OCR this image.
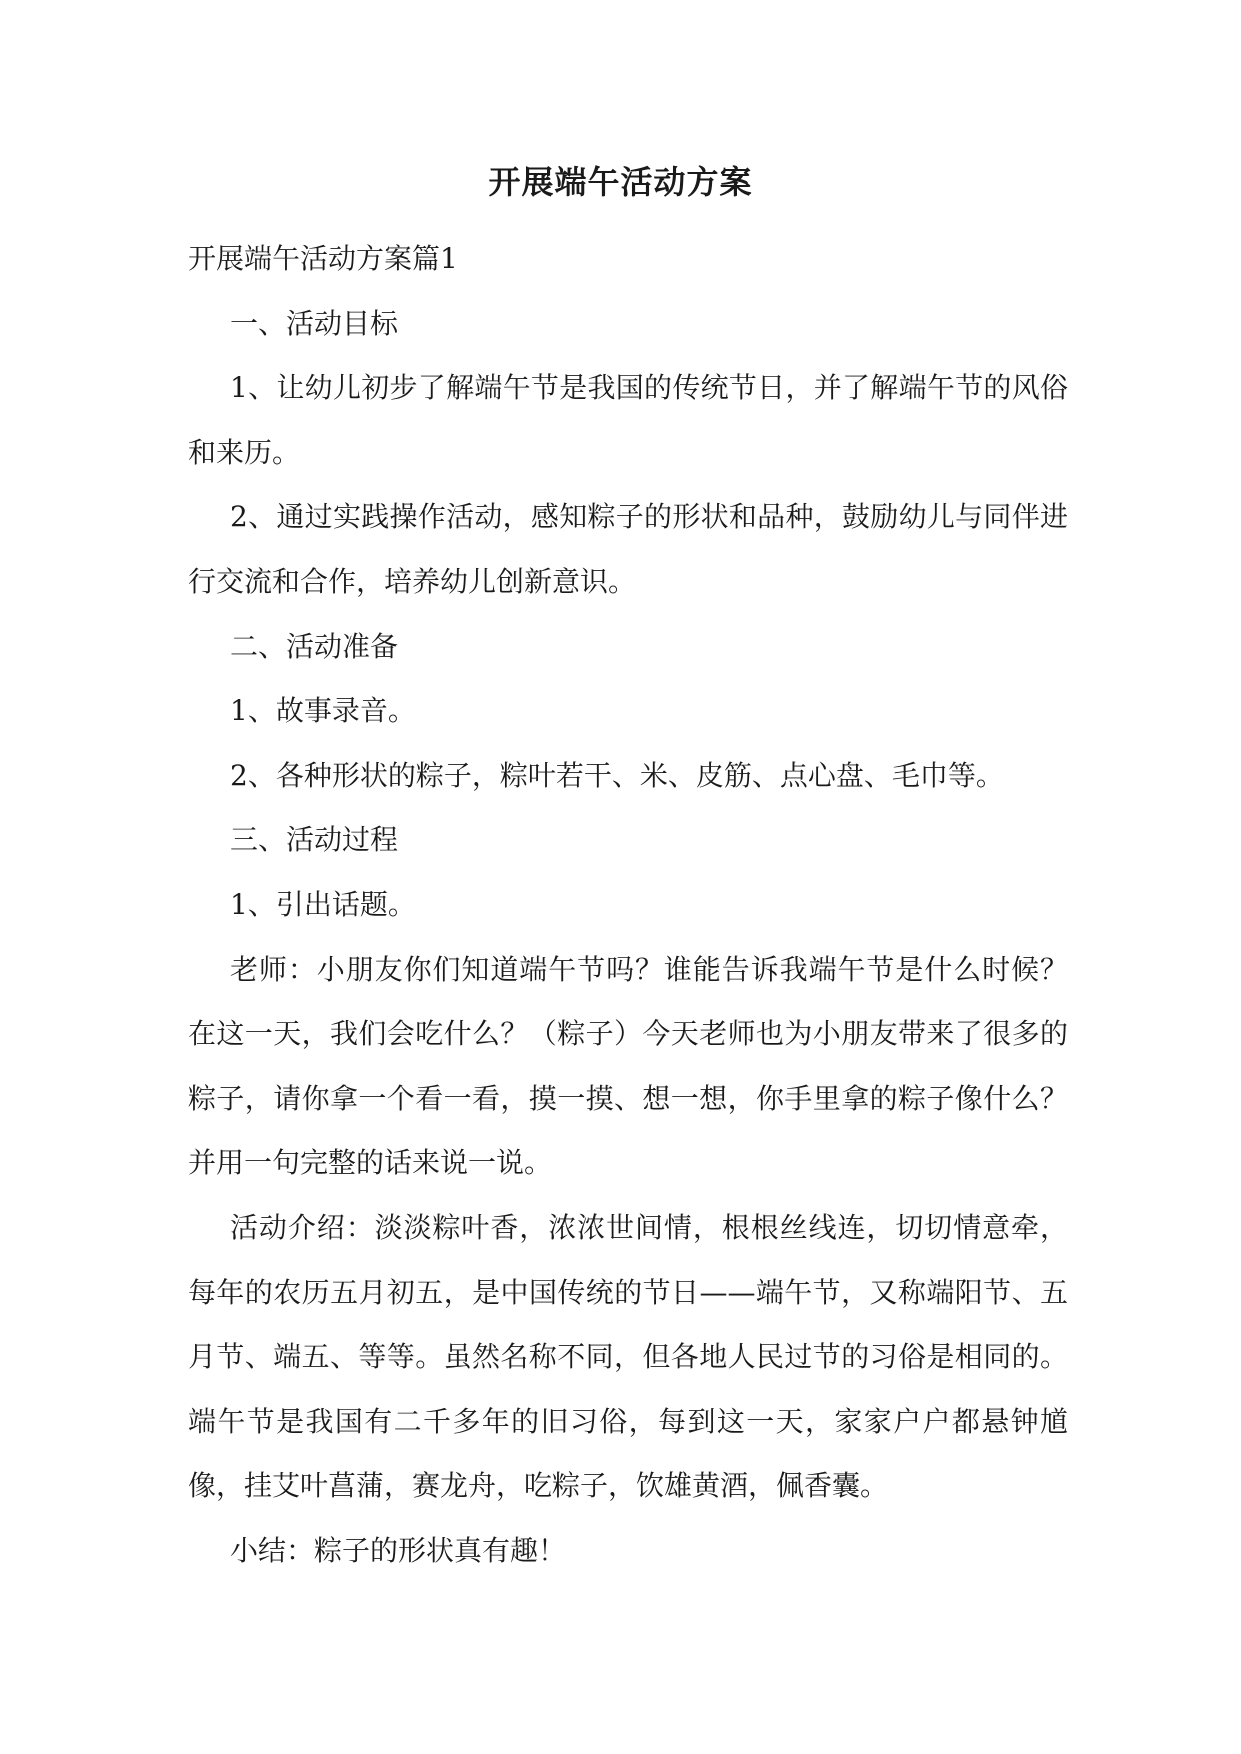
开展端午活动方案

开展端午活动方案篇1

一、活动目标

1、让幼儿初步了解端午节是我国的传统节日，并了解端午节的风俗和来历。

2、通过实践操作活动，感知粽子的形状和品种，鼓励幼儿与同伴进行交流和合作，培养幼儿创新意识。

二、活动准备

1、故事录音。

2、各种形状的粽子，粽叶若干、米、皮筋、点心盘、毛巾等。

三、活动过程

1、引出话题。

老师：小朋友你们知道端午节吗？谁能告诉我端午节是什么时候？在这一天，我们会吃什么？（粽子）今天老师也为小朋友带来了很多的粽子，请你拿一个看一看，摸一摸、想一想，你手里拿的粽子像什么？并用一句完整的话来说一说。

活动介绍：淡淡粽叶香，浓浓世间情，根根丝线连，切切情意牵，每年的农历五月初五，是中国传统的节日——端午节，又称端阳节、五月节、端五、等等。虽然名称不同，但各地人民过节的习俗是相同的。端午节是我国有二千多年的旧习俗，每到这一天，家家户户都悬钟馗像，挂艾叶菖蒲，赛龙舟，吃粽子，饮雄黄酒，佩香囊。

小结：粽子的形状真有趣！
